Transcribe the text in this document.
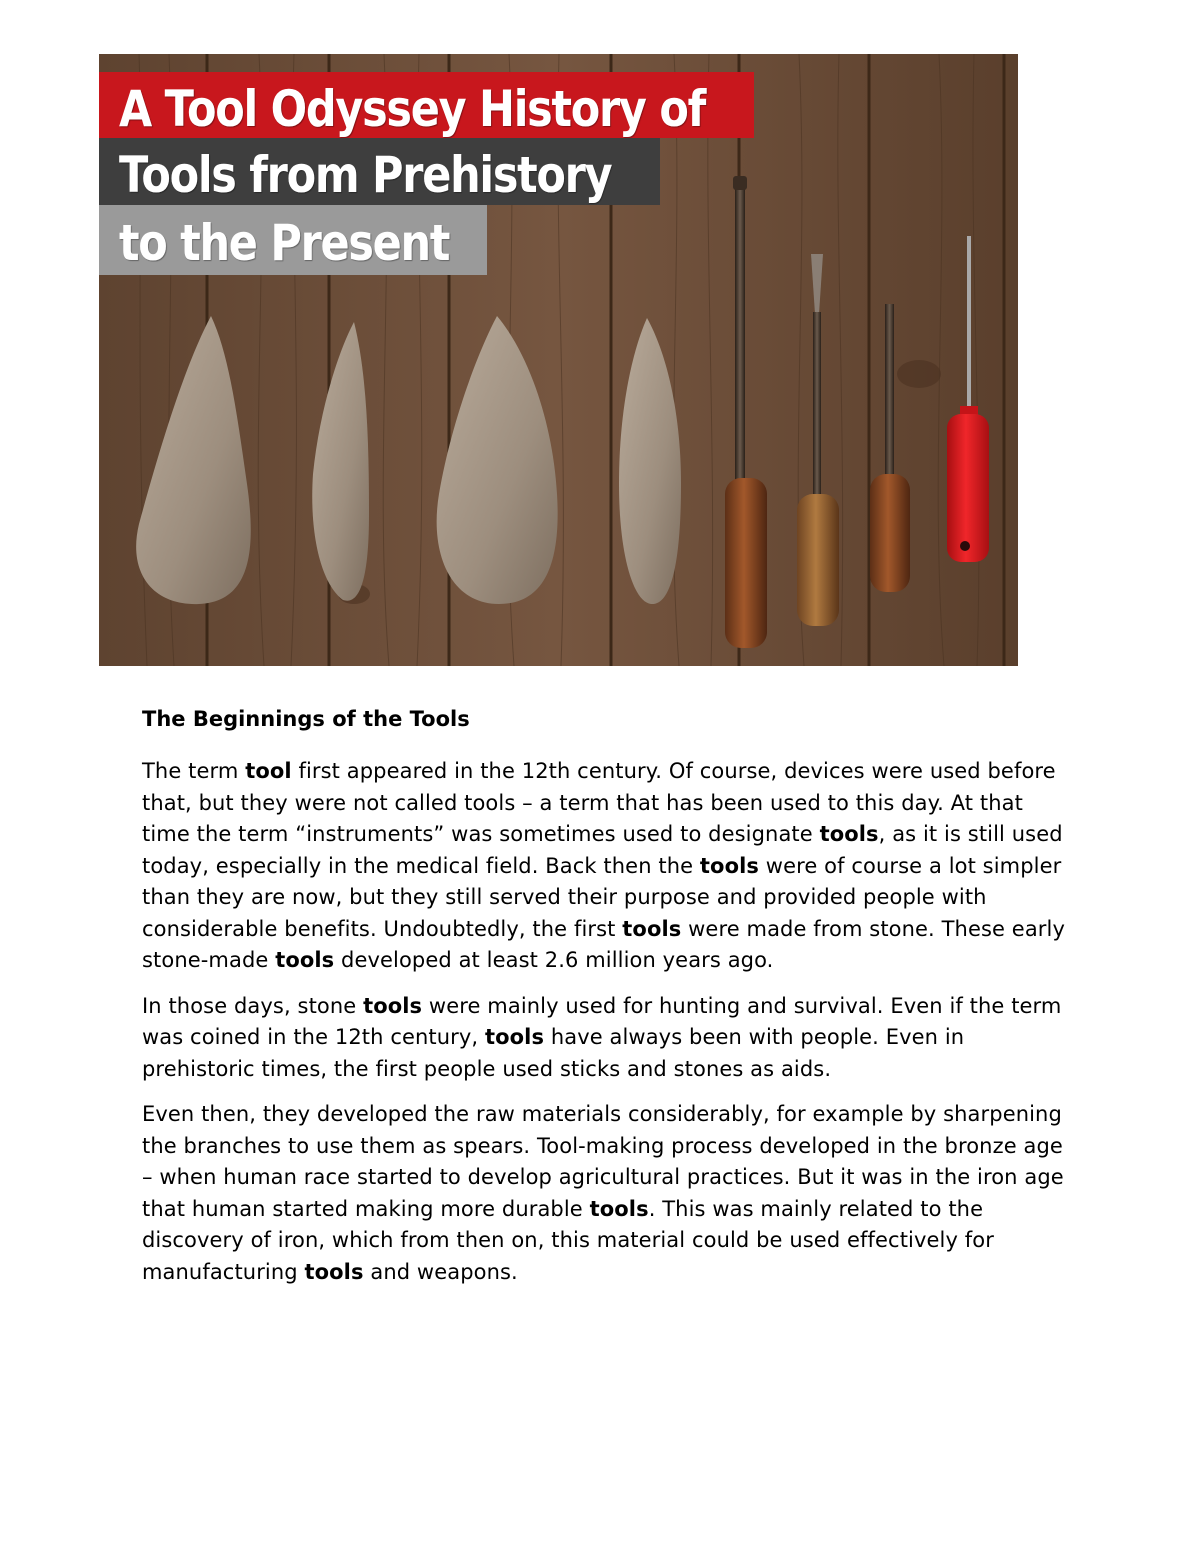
A Tool Odyssey History of
Tools from Prehistory
to the Present
The Beginnings of the Tools

The term tool first appeared in the 12th century. Of course, devices were used before that, but they were not called tools – a term that has been used to this day. At that time the term “instruments” was sometimes used to designate tools, as it is still used today, especially in the medical field. Back then the tools were of course a lot simpler than they are now, but they still served their purpose and provided people with considerable benefits. Undoubtedly, the first tools were made from stone. These early stone-made tools developed at least 2.6 million years ago.

In those days, stone tools were mainly used for hunting and survival. Even if the term was coined in the 12th century, tools have always been with people. Even in prehistoric times, the first people used sticks and stones as aids.

Even then, they developed the raw materials considerably, for example by sharpening the branches to use them as spears. Tool-making process developed in the bronze age – when human race started to develop agricultural practices. But it was in the iron age that human started making more durable tools. This was mainly related to the discovery of iron, which from then on, this material could be used effectively for manufacturing tools and weapons.
